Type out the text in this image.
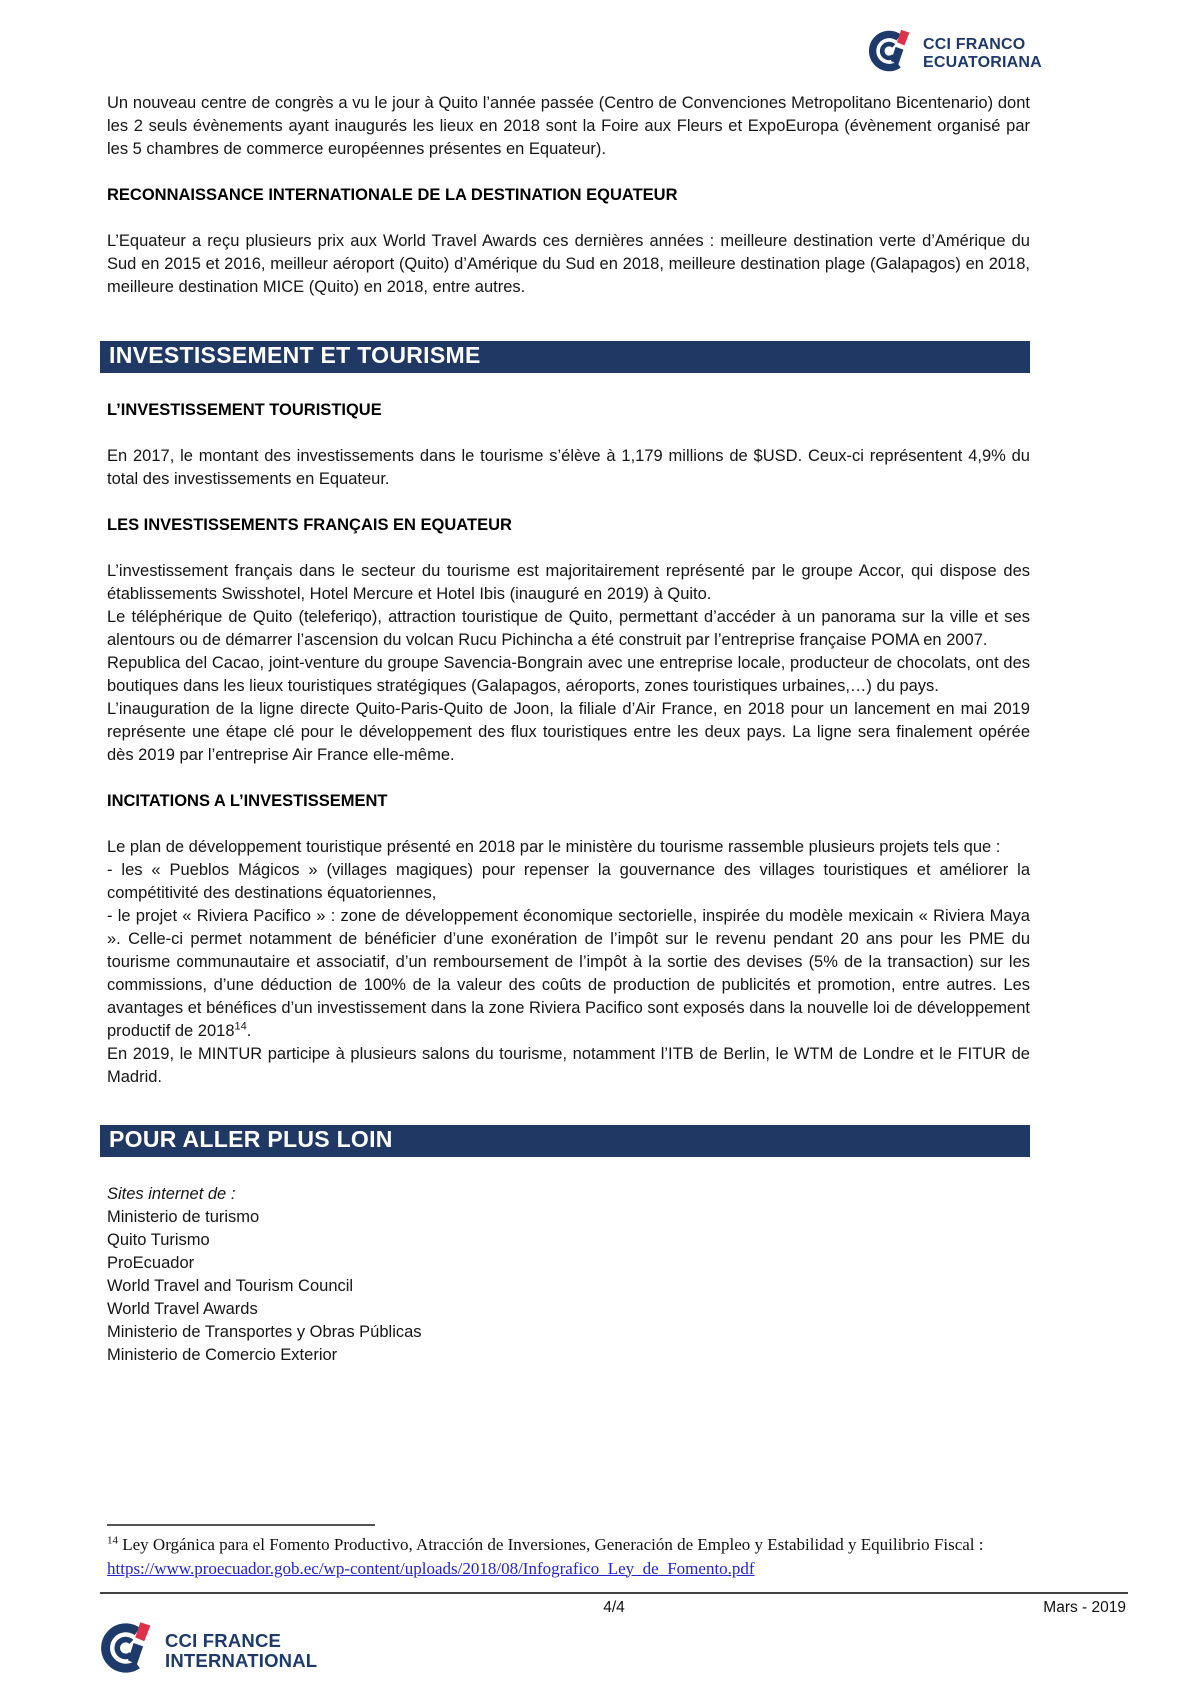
CCI FRANCO
ECUATORIANA

Un nouveau centre de congrès a vu le jour à Quito l’année passée (Centro de Convenciones Metropolitano Bicentenario) dont les 2 seuls évènements ayant inaugurés les lieux en 2018 sont la Foire aux Fleurs et ExpoEuropa (évènement organisé par les 5 chambres de commerce européennes présentes en Equateur).

RECONNAISSANCE INTERNATIONALE DE LA DESTINATION EQUATEUR

L’Equateur a reçu plusieurs prix aux World Travel Awards ces dernières années : meilleure destination verte d’Amérique du Sud en 2015 et 2016, meilleur aéroport (Quito) d’Amérique du Sud en 2018, meilleure destination plage (Galapagos) en 2018, meilleure destination MICE (Quito) en 2018, entre autres.

INVESTISSEMENT ET TOURISME
L’INVESTISSEMENT TOURISTIQUE

En 2017, le montant des investissements dans le tourisme s’élève à 1,179 millions de $USD. Ceux-ci représentent 4,9% du total des investissements en Equateur.

LES INVESTISSEMENTS FRANÇAIS EN EQUATEUR
L’investissement français dans le secteur du tourisme est majoritairement représenté par le groupe Accor, qui dispose des établissements Swisshotel, Hotel Mercure et Hotel Ibis (inauguré en 2019) à Quito.
Le téléphérique de Quito (teleferiqo), attraction touristique de Quito, permettant d’accéder à un panorama sur la ville et ses alentours ou de démarrer l’ascension du volcan Rucu Pichincha a été construit par l’entreprise française POMA en 2007.
Republica del Cacao, joint-venture du groupe Savencia-Bongrain avec une entreprise locale, producteur de chocolats, ont des boutiques dans les lieux touristiques stratégiques (Galapagos, aéroports, zones touristiques urbaines,…) du pays.
L’inauguration de la ligne directe Quito-Paris-Quito de Joon, la filiale d’Air France, en 2018 pour un lancement en mai 2019 représente une étape clé pour le développement des flux touristiques entre les deux pays. La ligne sera finalement opérée dès 2019 par l’entreprise Air France elle-même.
INCITATIONS A L’INVESTISSEMENT
Le plan de développement touristique présenté en 2018 par le ministère du tourisme rassemble plusieurs projets tels que :
- les « Pueblos Mágicos » (villages magiques) pour repenser la gouvernance des villages touristiques et améliorer la compétitivité des destinations équatoriennes,
- le projet « Riviera Pacifico » : zone de développement économique sectorielle, inspirée du modèle mexicain « Riviera Maya ». Celle-ci permet notamment de bénéficier d’une exonération de l’impôt sur le revenu pendant 20 ans pour les PME du tourisme communautaire et associatif, d’un remboursement de l’impôt à la sortie des devises (5% de la transaction) sur les commissions, d’une déduction de 100% de la valeur des coûts de production de publicités et promotion, entre autres. Les avantages et bénéfices d’un investissement dans la zone Riviera Pacifico sont exposés dans la nouvelle loi de développement productif de 2018$^{14}$.
En 2019, le MINTUR participe à plusieurs salons du tourisme, notamment l’ITB de Berlin, le WTM de Londre et le FITUR de Madrid.
POUR ALLER PLUS LOIN
Sites internet de :
Ministerio de turismo
Quito Turismo
ProEcuador
World Travel and Tourism Council
World Travel Awards
Ministerio de Transportes y Obras Públicas
Ministerio de Comercio Exterior
$^{14}$ Ley Orgánica para el Fomento Productivo, Atracción de Inversiones, Generación de Empleo y Estabilidad y Equilibrio Fiscal : https://www.proecuador.gob.ec/wp-content/uploads/2018/08/Infografico_Ley_de_Fomento.pdf
4/4	Mars - 2019
CCI FRANCE
INTERNATIONAL
